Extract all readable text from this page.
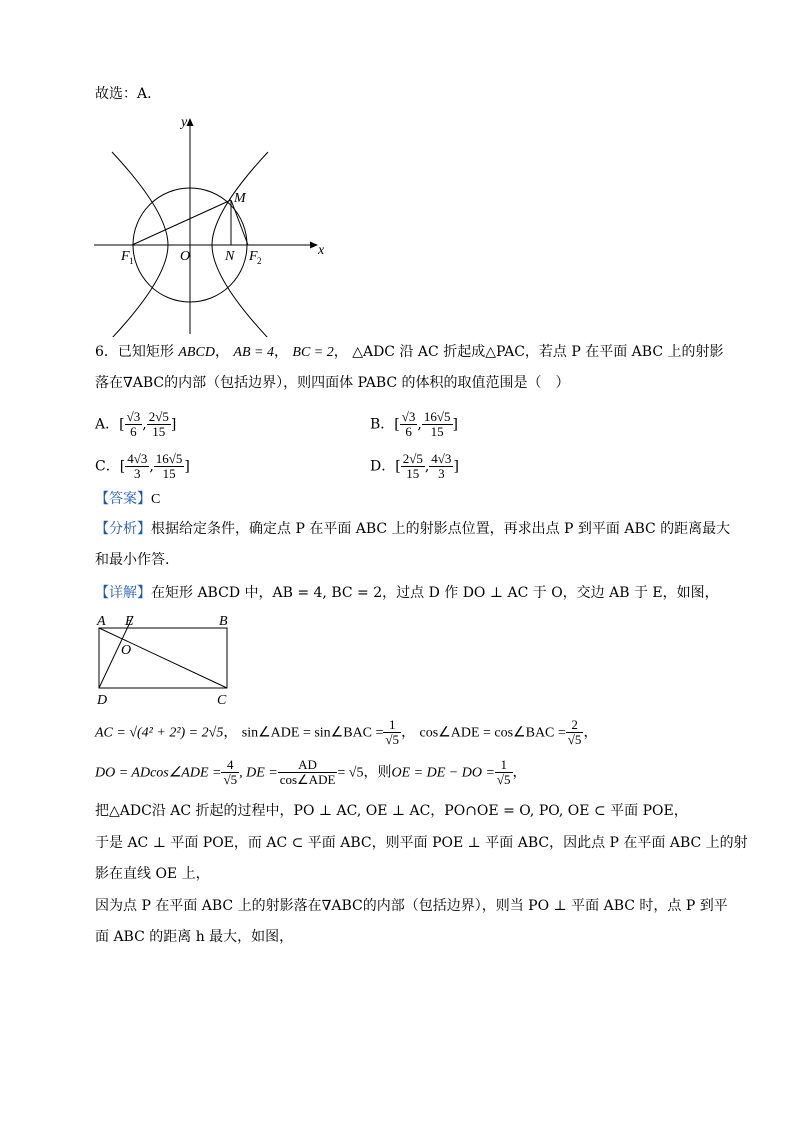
故选：A.
y
x
M
O N
F 1	F 2
6．已知矩形 ABCD， AB = 4， BC = 2， △ADC 沿 AC 折起成△PAC，若点 P 在平面 ABC 上的射影
落在∇ABC的内部（包括边界），则四面体 PABC 的体积的取值范围是（　）
A．[ $\frac{√3}{6}$ , $\frac{2√5}{15}$ ]	B．[ $\frac{√3}{6}$ , $\frac{16√5}{15}$ ]
C．[ $\frac{4√3}{3}$ , $\frac{16√5}{15}$ ]	D．[ $\frac{2√5}{15}$ , $\frac{4√3}{3}$ ]
【答案】C
【分析】根据给定条件，确定点 P 在平面 ABC 上的射影点位置，再求出点 P 到平面 ABC 的距离最大
和最小作答.
【详解】在矩形 ABCD 中，AB = 4, BC = 2，过点 D 作 DO ⊥ AC 于 O，交边 AB 于 E，如图，
A E	B
O
D	C
AC = √(4² + 2²) = 2√5， sin∠ADE = sin∠BAC = $\frac{1}{√5}$ ， cos∠ADE = cos∠BAC = $\frac{2}{√5}$ ，
DO = ADcos∠ADE = $\frac{4}{√5}$ , DE = $\frac{AD}{\text{cos∠ADE}} = √5$，则OE = DE − DO = $\frac{1}{√5}$ ，
把△ADC沿 AC 折起的过程中，PO ⊥ AC, OE ⊥ AC，PO∩OE = O, PO, OE ⊂ 平面 POE，
于是 AC ⊥ 平面 POE，而 AC ⊂ 平面 ABC，则平面 POE ⊥ 平面 ABC，因此点 P 在平面 ABC 上的射
影在直线 OE 上，
因为点 P 在平面 ABC 上的射影落在∇ABC的内部（包括边界），则当 PO ⊥ 平面 ABC 时，点 P 到平
面 ABC 的距离 h 最大，如图，
